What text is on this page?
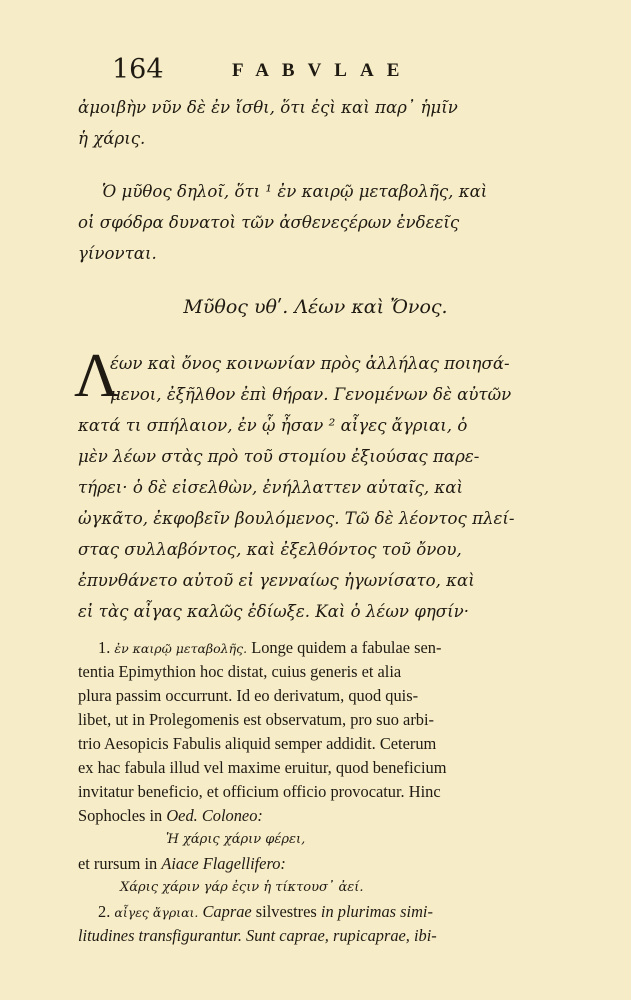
164	FABVLAE
ἀμοιβὴν νῦν δὲ ἐν ἴσθι, ὅτι ἐςὶ καὶ παρ᾽ ἡμῖν
ἡ χάρις.
Ὁ μῦθος δηλοῖ, ὅτι ¹ ἐν καιρῷ μεταβολῆς, καὶ
οἱ σφόδρα δυνατοὶ τῶν ἀσθενεςέρων ἐνδεεῖς
γίνονται.
Μῦθος υθʹ. Λέων καὶ Ὄνος.
Λ
έων καὶ ὄνος κοινωνίαν πρὸς ἀλλήλας ποιησά-
μενοι, ἐξῆλθον ἐπὶ θήραν. Γενομένων δὲ αὐτῶν
κατά τι σπήλαιον, ἐν ᾧ ἦσαν ² αἶγες ἄγριαι, ὁ
μὲν λέων στὰς πρὸ τοῦ στομίου ἐξιούσας παρε-
τήρει· ὁ δὲ εἰσελθὼν, ἐνήλλαττεν αὐταῖς, καὶ
ὠγκᾶτο, ἐκφοβεῖν βουλόμενος. Τῶ δὲ λέοντος πλεί-
στας συλλαβόντος, καὶ ἐξελθόντος τοῦ ὄνου,
ἐπυνθάνετο αὐτοῦ εἰ γενναίως ἠγωνίσατο, καὶ
εἰ τὰς αἶγας καλῶς ἐδίωξε. Καὶ ὁ λέων φησίν·
1. ἐν καιρῷ μεταβολῆς. Longe quidem a fabulae sen-
tentia Epimythion hoc distat, cuius generis et alia
plura passim occurrunt. Id eo derivatum, quod quis-
libet, ut in Prolegomenis est observatum, pro suo arbi-
trio Aesopicis Fabulis aliquid semper addidit. Ceterum
ex hac fabula illud vel maxime eruitur, quod beneficium
invitatur beneficio, et officium officio provocatur. Hinc
Sophocles in Oed. Coloneo:
Ἡ χάρις χάριν φέρει,
et rursum in Aiace Flagellifero:
Χάρις χάριν γάρ ἐςιν ἡ τίκτουσ᾽ ἀεί.
2. αἶγες ἄγριαι. Caprae silvestres in plurimas simi-
litudines transfigurantur. Sunt caprae, rupicaprae, ibi-
